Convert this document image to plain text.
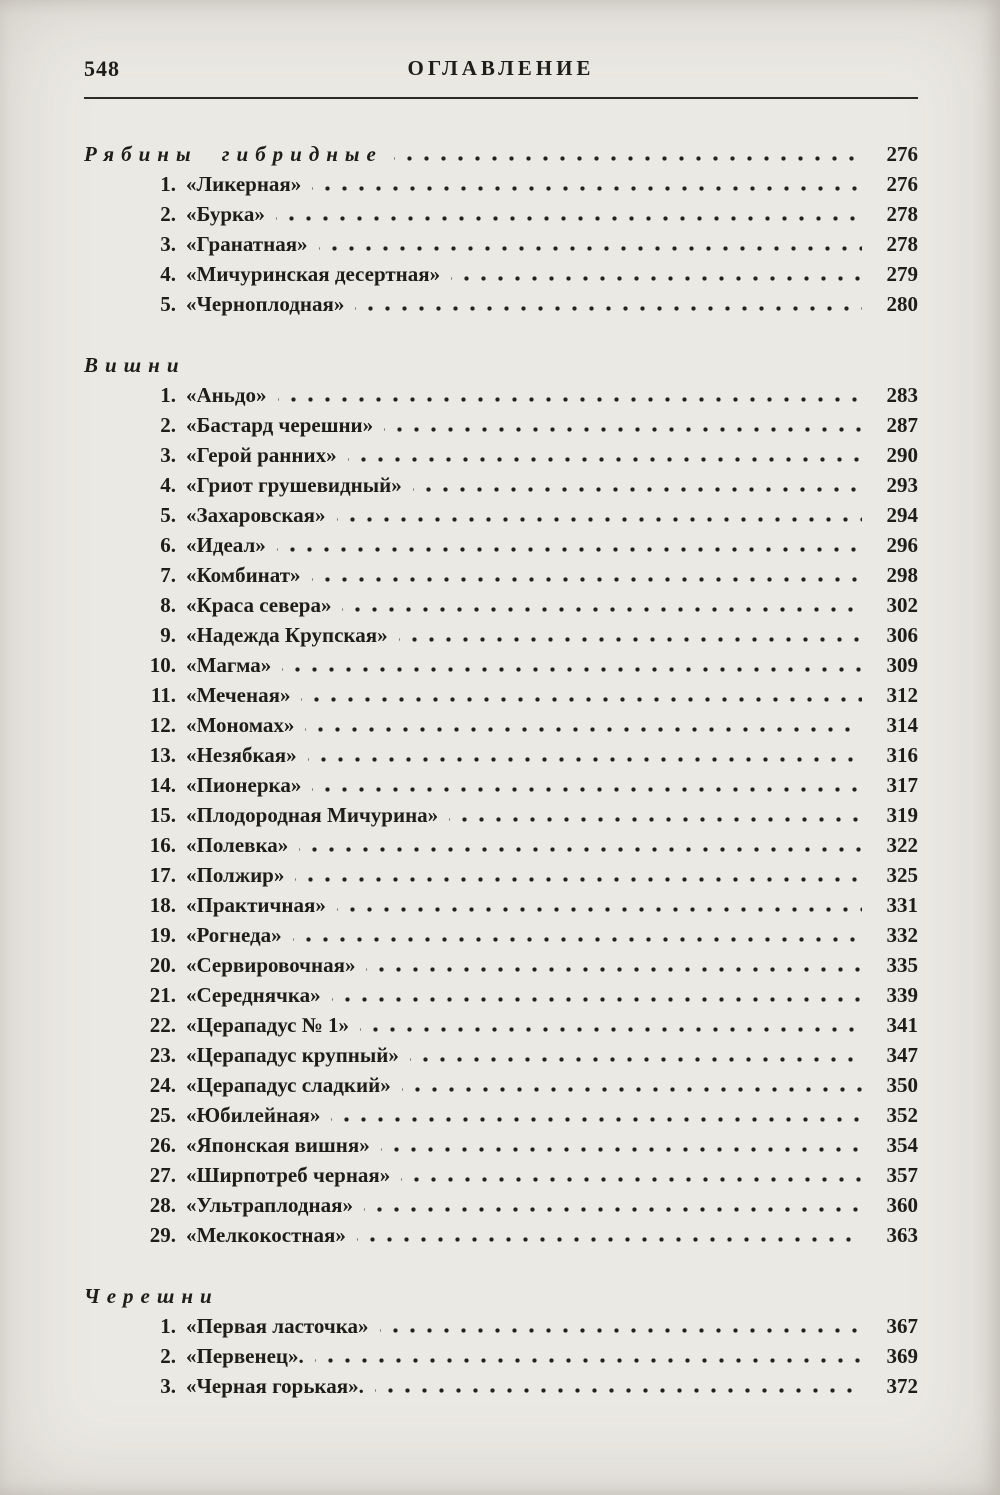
548	ОГЛАВЛЕНИЕ
Рябины гибридные	276
1. «Ликерная»	276
2. «Бурка»	278
3. «Гранатная»	278
4. «Мичуринская десертная»	279
5. «Черноплодная»	280
Вишни
1. «Аньдо»	283
2. «Бастард черешни»	287
3. «Герой ранних»	290
4. «Гриот грушевидный»	293
5. «Захаровская»	294
6. «Идеал»	296
7. «Комбинат»	298
8. «Краса севера»	302
9. «Надежда Крупская»	306
10. «Магма»	309
11. «Меченая»	312
12. «Мономах»	314
13. «Незябкая»	316
14. «Пионерка»	317
15. «Плодородная Мичурина»	319
16. «Полевка»	322
17. «Полжир»	325
18. «Практичная»	331
19. «Рогнеда»	332
20. «Сервировочная»	335
21. «Середнячка»	339
22. «Церападус № 1»	341
23. «Церападус крупный»	347
24. «Церападус сладкий»	350
25. «Юбилейная»	352
26. «Японская вишня»	354
27. «Ширпотреб черная»	357
28. «Ультраплодная»	360
29. «Мелкокостная»	363
Черешни
1. «Первая ласточка»	367
2. «Первенец».	369
3. «Черная горькая».	372
